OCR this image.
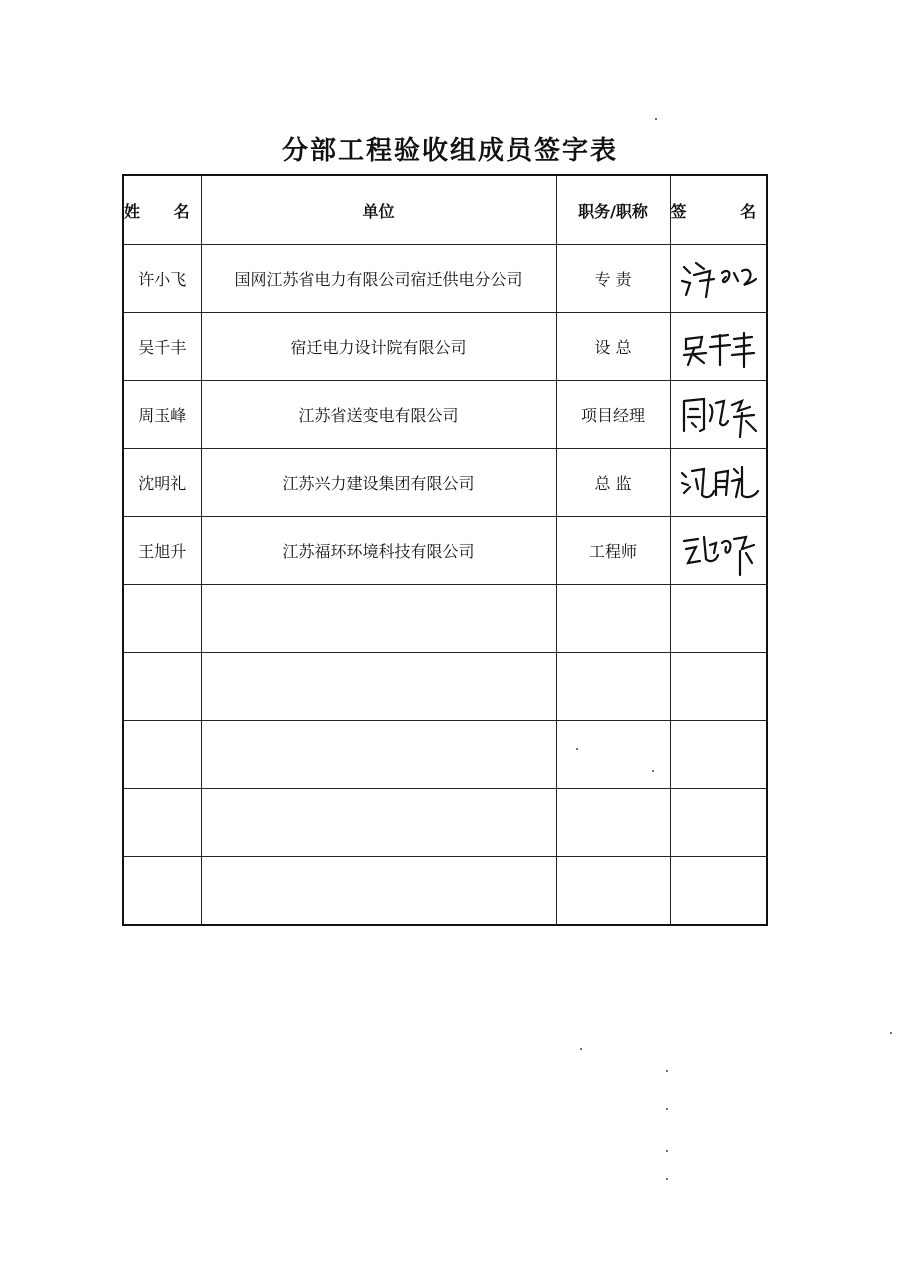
分部工程验收组成员签字表
姓 名	单位	职务/职称	签 名
许小飞	国网江苏省电力有限公司宿迁供电分公司	专 责	

吴千丰	宿迁电力设计院有限公司	设 总	

周玉峰	江苏省送变电有限公司	项目经理	

沈明礼	江苏兴力建设集团有限公司	总 监	

王旭升	江苏福环环境科技有限公司	工程师	
